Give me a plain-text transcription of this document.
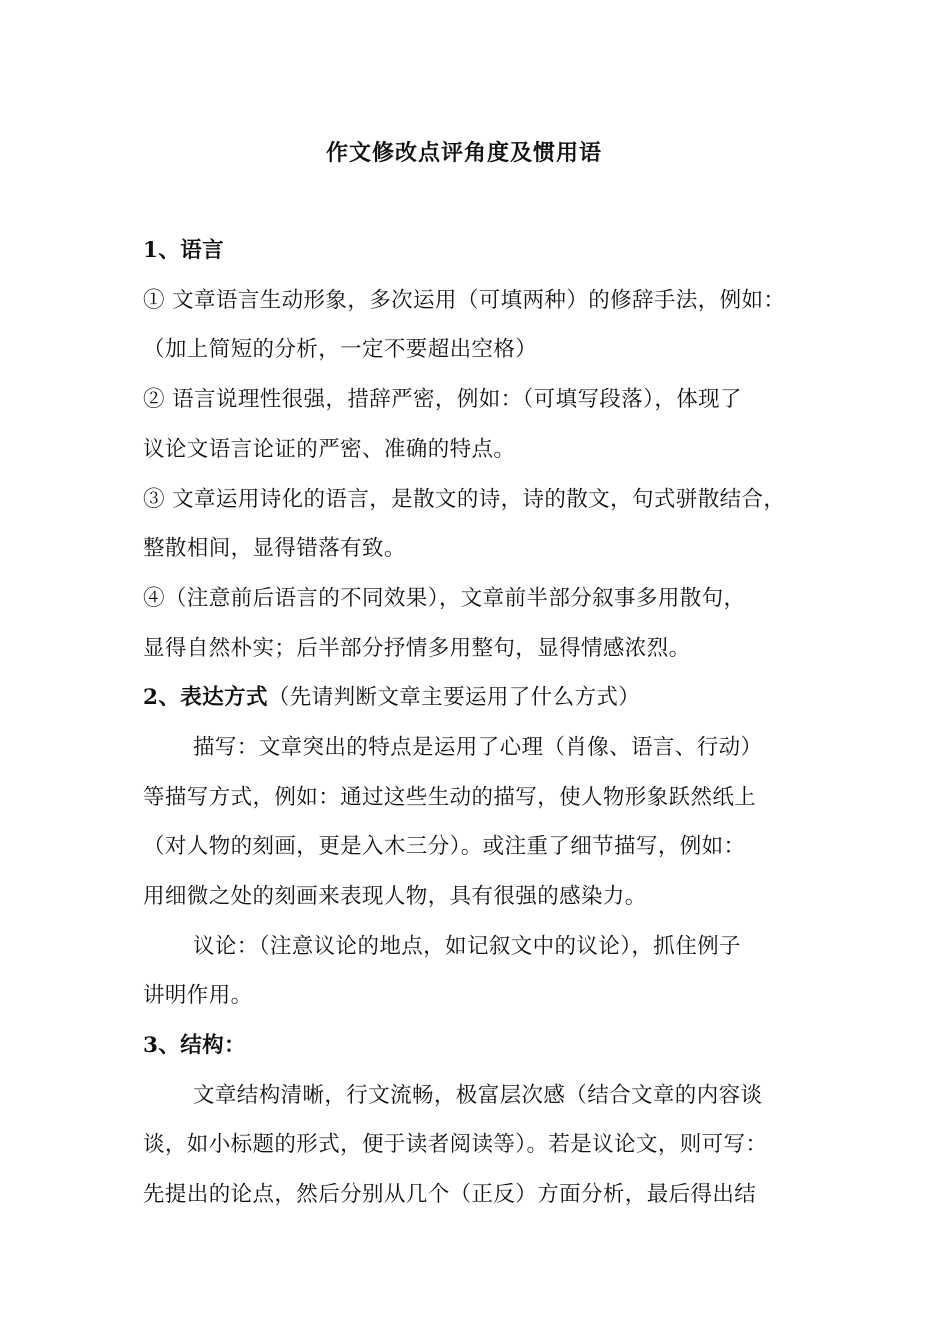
作文修改点评角度及惯用语
1、语言
① 文章语言生动形象，多次运用（可填两种）的修辞手法，例如：
（加上简短的分析，一定不要超出空格）
② 语言说理性很强，措辞严密，例如：（可填写段落），体现了
议论文语言论证的严密、准确的特点。
③ 文章运用诗化的语言，是散文的诗，诗的散文，句式骈散结合，
整散相间，显得错落有致。
④（注意前后语言的不同效果），文章前半部分叙事多用散句，
显得自然朴实；后半部分抒情多用整句，显得情感浓烈。
2、表达方式（先请判断文章主要运用了什么方式）
描写：文章突出的特点是运用了心理（肖像、语言、行动）
等描写方式，例如：通过这些生动的描写，使人物形象跃然纸上
（对人物的刻画，更是入木三分）。或注重了细节描写，例如：
用细微之处的刻画来表现人物，具有很强的感染力。
议论：（注意议论的地点，如记叙文中的议论），抓住例子
讲明作用。
3、结构：
文章结构清晰，行文流畅，极富层次感（结合文章的内容谈
谈，如小标题的形式，便于读者阅读等）。若是议论文，则可写：
先提出的论点，然后分别从几个（正反）方面分析，最后得出结
